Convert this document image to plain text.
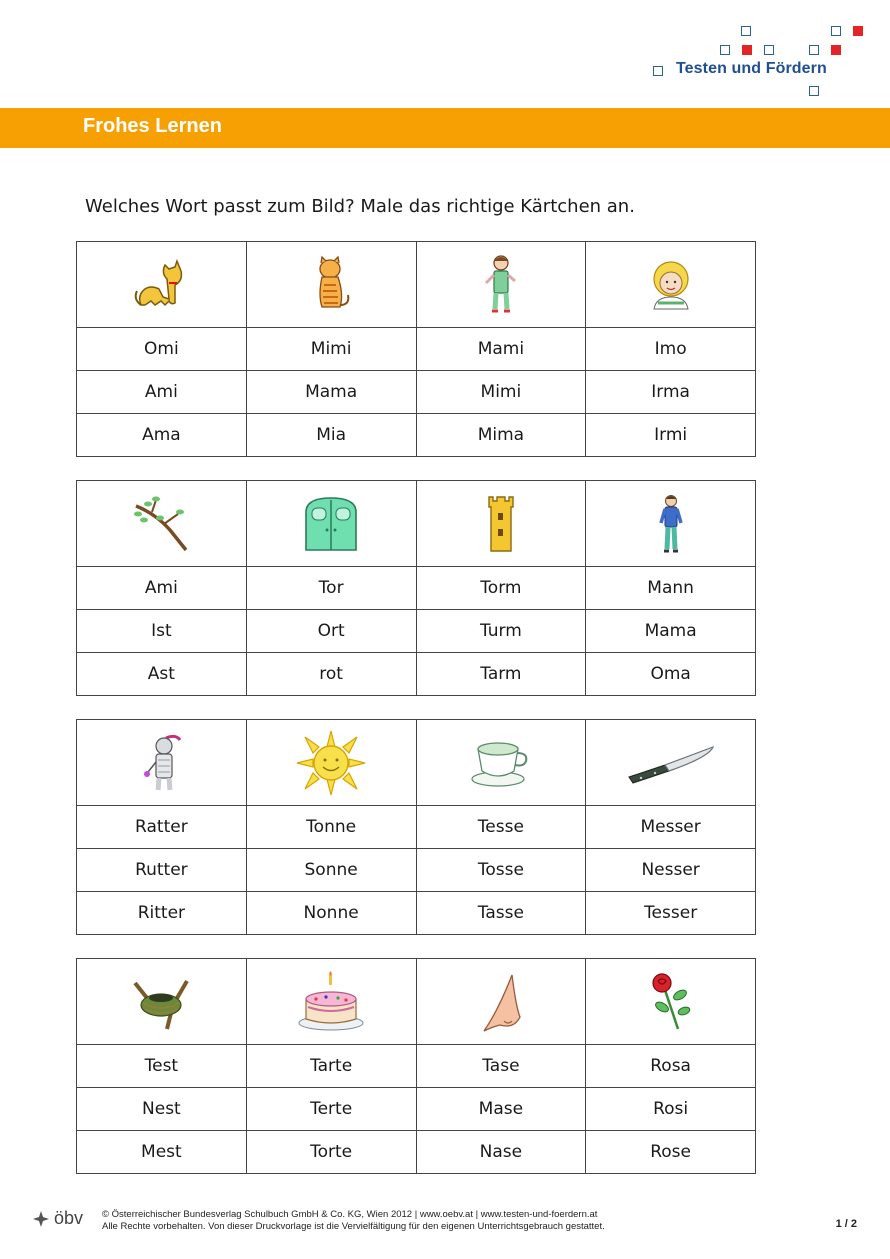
Testen und Fördern
Frohes Lernen
Welches Wort passt zum Bild? Male das richtige Kärtchen an.

Omi	Mimi	Mami	Imo
Ami	Mama	Mimi	Irma
Ama	Mia	Mima	Irmi

Ami	Tor	Torm	Mann
Ist	Ort	Turm	Mama
Ast	rot	Tarm	Oma

Ratter	Tonne	Tesse	Messer
Rutter	Sonne	Tosse	Nesser
Ritter	Nonne	Tasse	Tesser

Test	Tarte	Tase	Rosa
Nest	Terte	Mase	Rosi
Mest	Torte	Nase	Rose
öbv © Österreichischer Bundesverlag Schulbuch GmbH & Co. KG, Wien 2012 | www.oebv.at | www.testen-und-foerdern.at
Alle Rechte vorbehalten. Von dieser Druckvorlage ist die Vervielfältigung für den eigenen Unterrichtsgebrauch gestattet.	1 / 2
